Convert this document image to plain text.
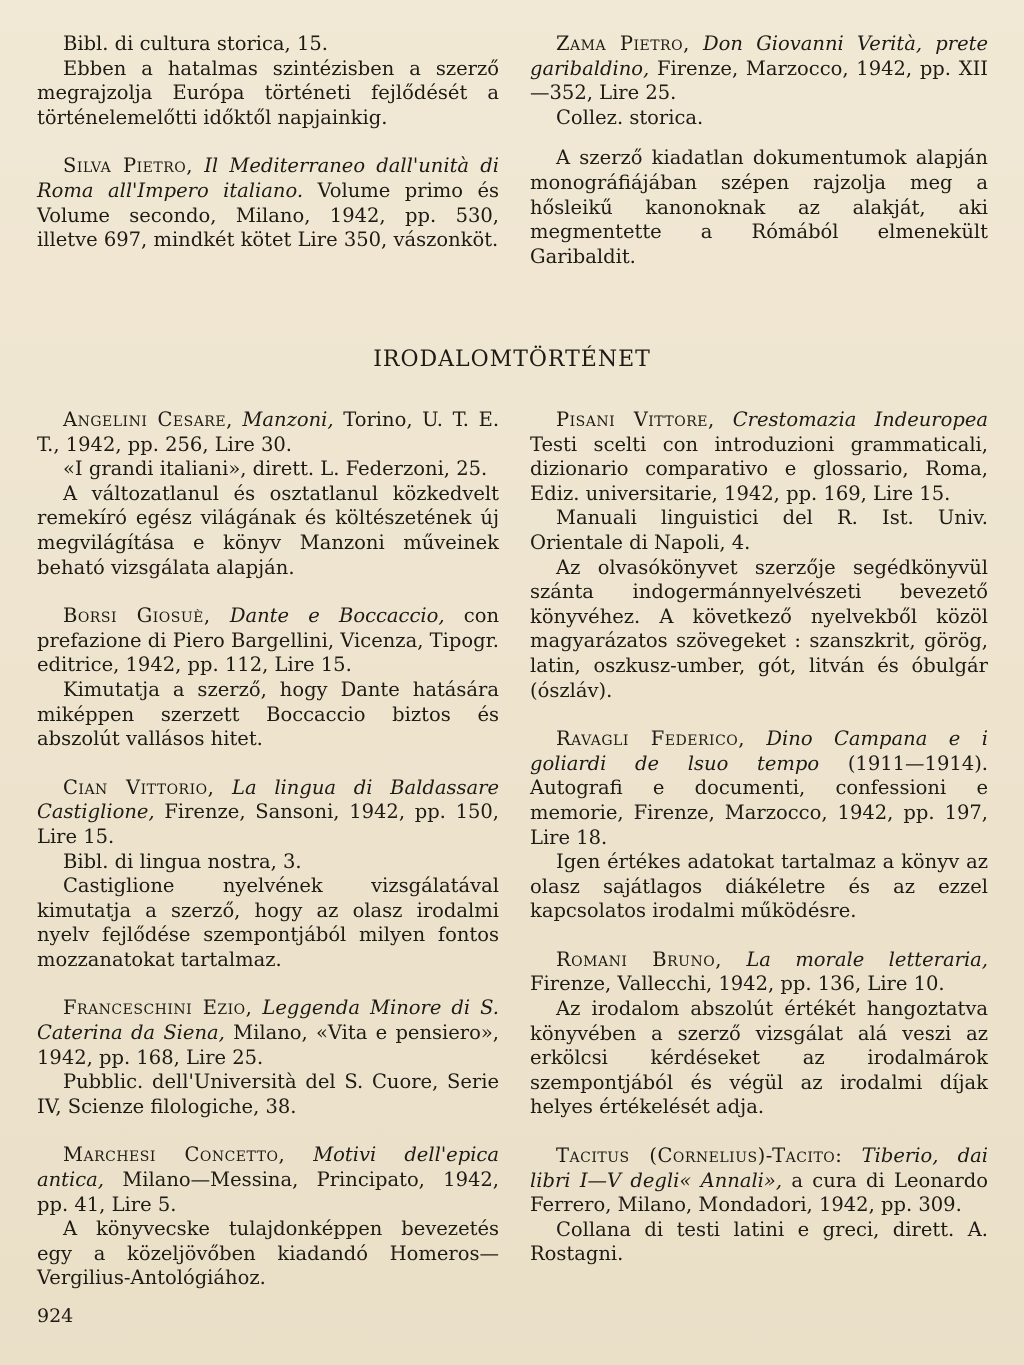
Bibl. di cultura storica, 15.

Ebben a hatalmas szintézisben a szerző megrajzolja Európa történeti fejlődését a történelemelőtti időktől napjainkig.

Silva Pietro, Il Mediterraneo dall'unità di Roma all'Impero italiano. Volume primo és Volume secondo, Milano, 1942, pp. 530, illetve 697, mindkét kötet Lire 350, vászonköt.

Zama Pietro, Don Giovanni Verità, prete garibaldino, Firenze, Marzocco, 1942, pp. XII—352, Lire 25.

Collez. storica.

A szerző kiadatlan dokumentumok alapján monográfiájában szépen rajzolja meg a hősleikű kanonoknak az alakját, aki megmentette a Rómából elmenekült Garibaldit.

IRODALOMTÖRTÉNET

Angelini Cesare, Manzoni, Torino, U. T. E. T., 1942, pp. 256, Lire 30.

«I grandi italiani», dirett. L. Federzoni, 25.

A változatlanul és osztatlanul közkedvelt remekíró egész világának és költészetének új megvilágítása e könyv Manzoni műveinek beható vizsgálata alapján.

Borsi Giosuè, Dante e Boccaccio, con prefazione di Piero Bargellini, Vicenza, Tipogr. editrice, 1942, pp. 112, Lire 15.

Kimutatja a szerző, hogy Dante hatására miképpen szerzett Boccaccio biztos és abszolút vallásos hitet.

Cian Vittorio, La lingua di Baldassare Castiglione, Firenze, Sansoni, 1942, pp. 150, Lire 15.

Bibl. di lingua nostra, 3.

Castiglione nyelvének vizsgálatával kimutatja a szerző, hogy az olasz irodalmi nyelv fejlődése szempontjából milyen fontos mozzanatokat tartalmaz.

Franceschini Ezio, Leggenda Minore di S. Caterina da Siena, Milano, «Vita e pensiero», 1942, pp. 168, Lire 25.

Pubblic. dell'Università del S. Cuore, Serie IV, Scienze filologiche, 38.

Marchesi Concetto, Motivi dell'epica antica, Milano—Messina, Principato, 1942, pp. 41, Lire 5.

A könyvecske tulajdonképpen bevezetés egy a közeljövőben kiadandó Homeros—Vergilius-Antológiához.

Pisani Vittore, Crestomazia Indeuropea Testi scelti con introduzioni grammaticali, dizionario comparativo e glossario, Roma, Ediz. universitarie, 1942, pp. 169, Lire 15.

Manuali linguistici del R. Ist. Univ. Orientale di Napoli, 4.

Az olvasókönyvet szerzője segédkönyvül szánta indogermánnyelvészeti bevezető könyvéhez. A következő nyelvekből közöl magyarázatos szövegeket : szanszkrit, görög, latin, oszkusz-umber, gót, litván és óbulgár (ószláv).

Ravagli Federico, Dino Campana e i goliardi de lsuo tempo (1911—1914). Autografi e documenti, confessioni e memorie, Firenze, Marzocco, 1942, pp. 197, Lire 18.

Igen értékes adatokat tartalmaz a könyv az olasz sajátlagos diákéletre és az ezzel kapcsolatos irodalmi működésre.

Romani Bruno, La morale letteraria, Firenze, Vallecchi, 1942, pp. 136, Lire 10.

Az irodalom abszolút értékét hangoztatva könyvében a szerző vizsgálat alá veszi az erkölcsi kérdéseket az irodalmárok szempontjából és végül az irodalmi díjak helyes értékelését adja.

Tacitus (Cornelius)-Tacito: Tiberio, dai libri I—V degli« Annali», a cura di Leonardo Ferrero, Milano, Mondadori, 1942, pp. 309.

Collana di testi latini e greci, dirett. A. Rostagni.

924
